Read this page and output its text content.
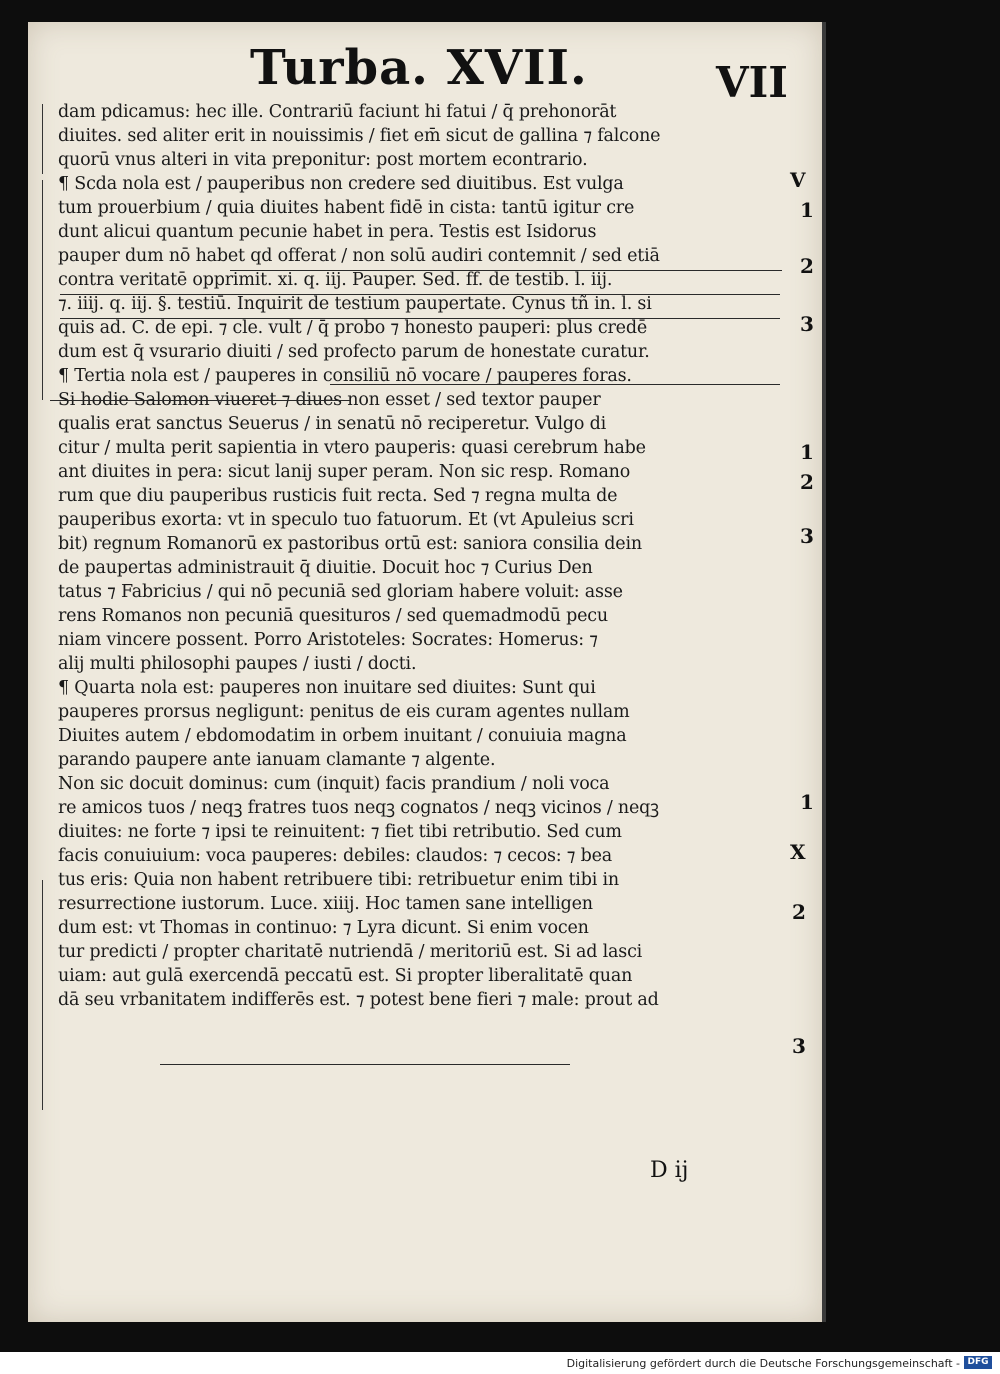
Turba. XVII.	VII
dam pdicamus: hec ille. Contrariū faciunt hi fatui / q̄ prehonorāt
diuites. sed aliter erit in nouissimis / fiet em̄ sicut de gallina ⁊ falcone
quorū vnus alteri in vita preponitur: post mortem econtrario.
¶ Scda nola est / pauperibus non credere sed diuitibus. Est vulga
tum prouerbium / quia diuites habent fidē in cista: tantū igitur cre
dunt alicui quantum pecunie habet in pera. Testis est Isidorus
pauper dum nō habet qd offerat / non solū audiri contemnit / sed etiā
contra veritatē opprimit. xi. q. iij. Pauper. Sed. ff. de testib. l. iij.
⁊. iiij. q. iij. §. testiū. Inquirit de testium paupertate. Cynus tñ in. l. si
quis ad. C. de epi. ⁊ cle. vult / q̄ probo ⁊ honesto pauperi: plus credē
dum est q̄ vsurario diuiti / sed profecto parum de honestate curatur.
¶ Tertia nola est / pauperes in consiliū nō vocare / pauperes foras.
Si hodie Salomon viueret ⁊ diues non esset / sed textor pauper
qualis erat sanctus Seuerus / in senatū nō reciperetur. Vulgo di
citur / multa perit sapientia in vtero pauperis: quasi cerebrum habe
ant diuites in pera: sicut lanij super peram. Non sic resp. Romano
rum que diu pauperibus rusticis fuit recta. Sed ⁊ regna multa de
pauperibus exorta: vt in speculo tuo fatuorum. Et (vt Apuleius scri
bit) regnum Romanorū ex pastoribus ortū est: saniora consilia dein
de paupertas administrauit q̄ diuitie. Docuit hoc ⁊ Curius Den
tatus ⁊ Fabricius / qui nō pecuniā sed gloriam habere voluit: asse
rens Romanos non pecuniā quesituros / sed quemadmodū pecu
niam vincere possent. Porro Aristoteles: Socrates: Homerus: ⁊
alij multi philosophi paupes / iusti / docti.
¶ Quarta nola est: pauperes non inuitare sed diuites: Sunt qui
pauperes prorsus negligunt: penitus de eis curam agentes nullam
Diuites autem / ebdomodatim in orbem inuitant / conuiuia magna
parando paupere ante ianuam clamante ⁊ algente.
Non sic docuit dominus: cum (inquit) facis prandium / noli voca
re amicos tuos / neqꝫ fratres tuos neqꝫ cognatos / neqꝫ vicinos / neqꝫ
diuites: ne forte ⁊ ipsi te reinuitent: ⁊ fiet tibi retributio. Sed cum
facis conuiuium: voca pauperes: debiles: claudos: ⁊ cecos: ⁊ bea
tus eris: Quia non habent retribuere tibi: retribuetur enim tibi in
resurrectione iustorum. Luce. xiiij. Hoc tamen sane intelligen
dum est: vt Thomas in continuo: ⁊ Lyra dicunt. Si enim vocen
tur predicti / propter charitatē nutriendā / meritoriū est. Si ad lasci
uiam: aut gulā exercendā peccatū est. Si propter liberalitatē quan
dā seu vrbanitatem indifferēs est. ⁊ potest bene fieri ⁊ male: prout ad
V
1
2
3
1
2
3
1
X
2
3
D ij
Digitalisierung gefördert durch die Deutsche Forschungsgemeinschaft - DFG
